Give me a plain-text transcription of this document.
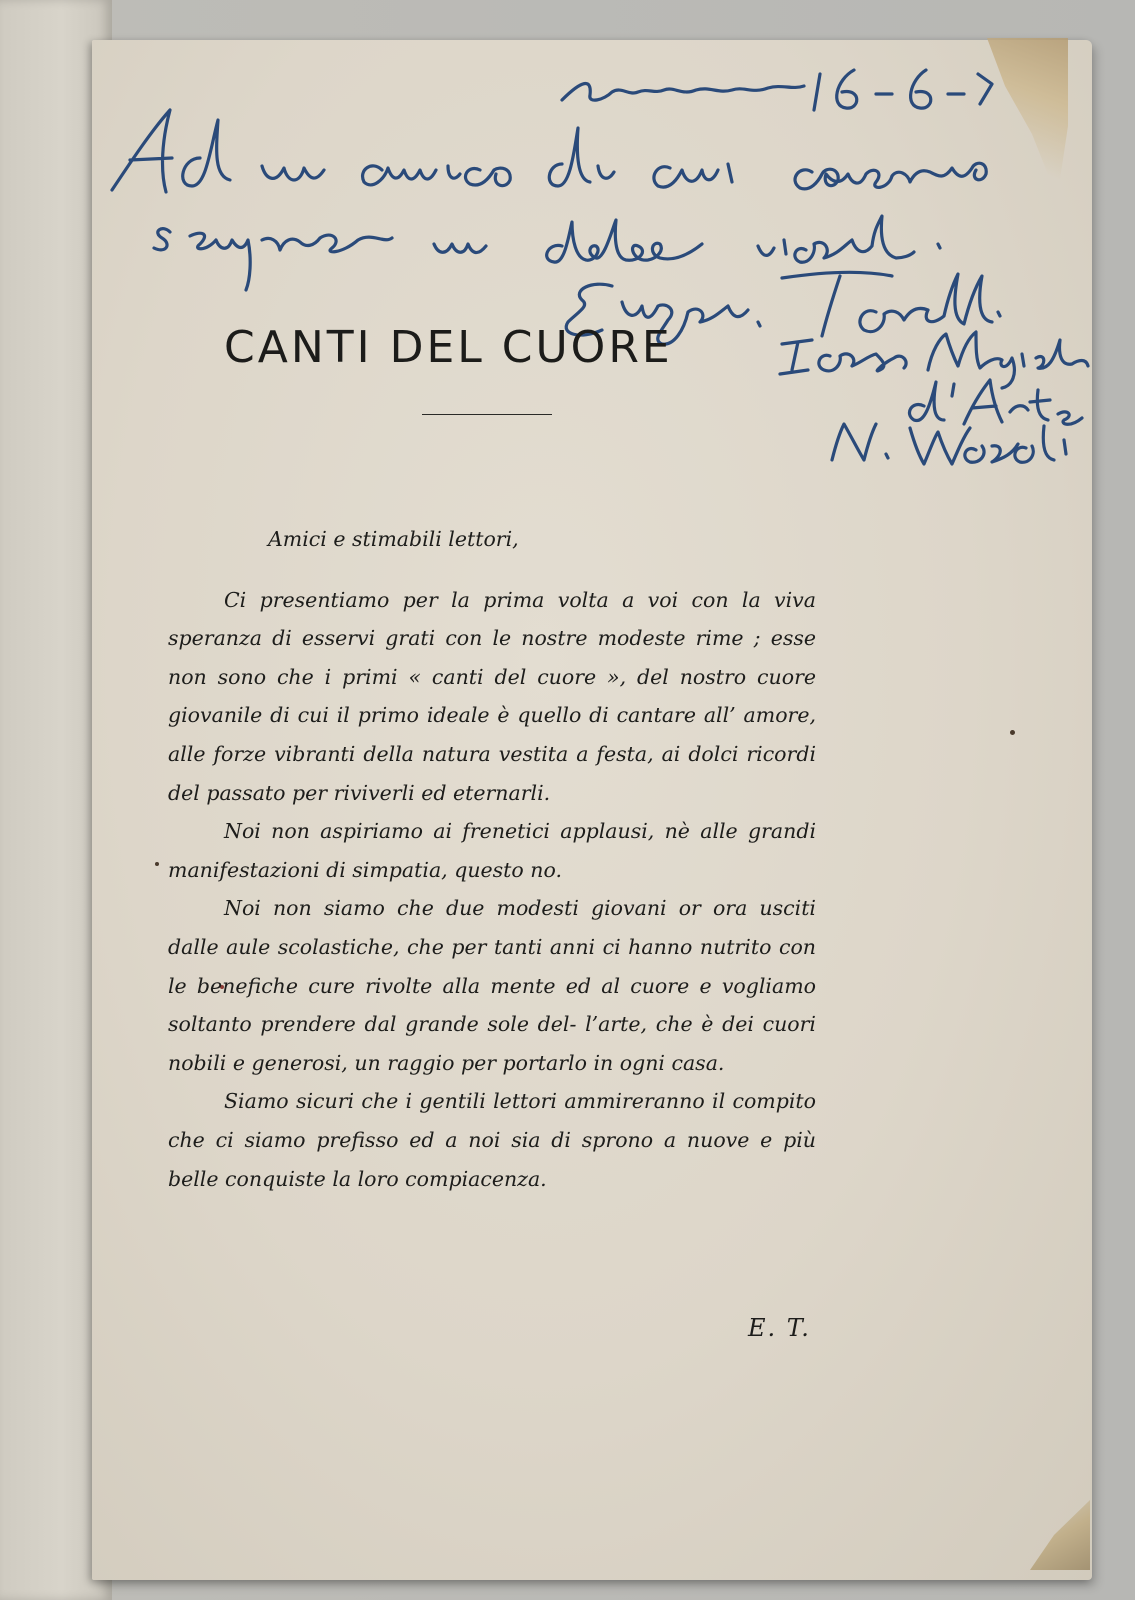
CANTI DEL CUORE

Amici e stimabili lettori,

Ci presentiamo per la prima volta a voi con la viva speranza di esservi grati con le nostre modeste rime ; esse non sono che i primi « canti del cuore », del nostro cuore giovanile di cui il primo ideale è quello di cantare all’ amore, alle forze vibranti della natura vestita a festa, ai dolci ricordi del passato per riviverli ed eternarli.

Noi non aspiriamo ai frenetici applausi, nè alle grandi manifestazioni di simpatia, questo no.

Noi non siamo che due modesti giovani or ora usciti dalle aule scolastiche, che per tanti anni ci hanno nutrito con le benefiche cure rivolte alla mente ed al cuore e vogliamo soltanto prendere dal grande sole del- l’arte, che è dei cuori nobili e generosi, un raggio per portarlo in ogni casa.

Siamo sicuri che i gentili lettori ammireranno il compito che ci siamo prefisso ed a noi sia di sprono a nuove e più belle conquiste la loro compiacenza.

E. T.
